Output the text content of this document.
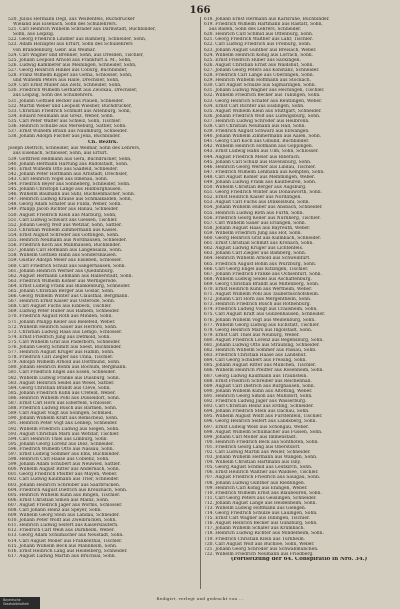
166
520. Julius Hermann Degl, aus Weißenfels, Buchdrucker
Wieland aus Eisenach, Sohn des Schullehrers.
521. Carl Heinrich Wilhelm Schrader aus Darmstadt, Buchbinder,
Sohn, aus Leipzig.
522. Georg Friedrich Lindner aus Bamberg, Schneider, Sohn,
523. Adam Holzapfel aus Erfurt, Sohn des Schullehrers
von Brandenburg, Gebr. aus Weimar.
524. Carl Wagner und Brenner, Sohn, aus Dresden, Tischler,
525. Johann Leopold Arnold aus Frankfurt a. M., Sohn,
526. Ludwig Kämmerer aus Meiningen, Schneider, Sohn,
527. Georg Heinrich Hinkel aus Coburg, Buchbinder,
528. Franz Wilhelm Kipper aus Gotha, Schlosser, Sohn,
und Wilhelm Peters aus Halle, Drechsler, Sohn,
529. Carl Ernst Müller aus Zeitz, Schneider, Sohn,
530. Friedrich Wilhelm Gerhardt aus Zwickau, Drechsler,
aus Leipzig, Sohn des Schullehrers.
531. Johann Gottlieb Becker aus Plauen, Schneider.
532. Martin Weber und Leopold Wiesner, Buchdrucker,
533. Christian Friedrich Schmidt aus Altenburg, Sohn,
534. Eduard Neumann aus Greiz, Weber, Sohn.
535. Carl Peter Walter aus Schleiz, Sohn, Tischler.
536. Heinrich Schulze aus Merseburg, Sattler, Sohn.
537. Ernst Wilhelm Braun aus Naumburg, Schneider.
538. Johann Adolph Fischer aus Jena, Buchbinder.
Ch. Bezirk.
Joseph Dietrich, Schneider, aus Weimar, Sohn des Lehrers,
aus Eisenach, Schlosser, Sohn, aus Erfurt.
539. Gottfried Hellmann aus Gera, Buchdrucker, Sohn,
540. Johann Hermann Hartung aus Rudolstadt, Sohn.
541. Ernst Wilhelm Otto aus Saalfeld, Schneider.
542. Johann Peter Hoffmann aus Arnstadt, Drechsler,
543. Carl Heinrich Vogel aus Ilmenau, Sohn.
544. Friedrich Beyer aus Sonneberg, Schneider, Sohn.
545. Johann Christoph Lange aus Hildburghausen.
546. Wilhelm Baumann aus Suhl, Büchsenmacher, Sohn.
547. Heinrich Ludwig Krause aus Schmalkalden, Sohn,
548. Georg Adam Schäfer aus Fulda, Weber, Sohn.
549. Philipp Jacob Richter aus Hanau, Schneider.
550. August Friedrich Klein aus Marburg, Sohn,
551. Carl Ludwig Schwarz aus Giessen, Tischler.
552. Johann Georg Wolf aus Wetzlar, Sohn, Sattler.
553. Christian Wilhelm Zimmermann aus Kassel.
554. Ernst August Schröder aus Göttingen, Sohn.
555. Heinrich Neumann aus Nordhausen, Schneider.
556. Friedrich Koch aus Mühlhausen, Buchbinder.
557. Johann Carl Hofmann aus Langensalza, Sohn.
558. Wilhelm Gottlieb Hahn aus Sondershausen.
559. Gustav Adolph Meier aus Eisleben, Schlosser.
560. Carl Friedrich Schulz aus Sangerhausen, Sohn.
561. Johann Heinrich Werner aus Quedlinburg.
562. August Hermann Lehmann aus Halberstadt, Sohn.
563. Friedrich Wilhelm Köhler aus Wernigerode.
564. Ernst Ludwig Frank aus Blankenburg, Schneider.
565. Johann Christian Berger aus Goslar, Sohn.
566. Georg Wilhelm Winter aus Clausthal, Bergmann.
567. Heinrich Ernst Kaiser aus Osterode, Sohn.
568. Carl August Fuchs aus Einbeck, Tischler.
569. Ludwig Peter Huber aus Hameln, Schneider.
570. Friedrich August Roth aus Minden, Sohn.
571. Johann Philipp Keller aus Bielefeld, Weber.
572. Wilhelm Heinrich Sauer aus Herford, Sohn.
573. Christian Ludwig Haas aus Lemgo, Schlosser.
574. Ernst Friedrich Jung aus Detmold, Sohn.
575. Carl Wilhelm Graf aus Paderborn, Schneider.
576. Johann Georg Schmitt aus Soest, Buchbinder.
577. Heinrich August Krüger aus Hamm, Sohn.
578. Friedrich Carl Ziegler aus Unna, Tischler.
579. Adolph Wilhelm Arnold aus Dortmund, Sohn.
580. Johann Heinrich Böhm aus Bochum, Bergmann.
581. Carl Friedrich Engel aus Essen, Schneider.
582. Wilhelm Ludwig Franke aus Duisburg, Sohn.
583. August Heinrich Seidel aus Wesel, Sattler.
584. Georg Christian Brandt aus Cleve, Sohn.
585. Johann Friedrich Kühn aus Crefeld, Weber.
586. Heinrich Wilhelm Pohl aus Düsseldorf, Sohn.
587. Ernst Carl Horn aus Elberfeld, Schlosser.
588. Friedrich Ludwig Busch aus Barmen, Sohn.
589. Carl August Voigt aus Solingen, Schmied.
590. Johann Wilhelm Kraft aus Remscheid, Sohn.
591. Heinrich Peter Vogt aus Lennep, Schneider.
592. Wilhelm Friedrich Ludwig aus Siegen, Sohn.
593. August Christian Marx aus Wetzlar, Tischler.
594. Carl Heinrich Thiel aus Limburg, Sohn.
595. Johann Georg Lorenz aus Diez, Schneider.
596. Friedrich Wilhelm Otto aus Nassau, Sohn.
597. Ernst Ludwig Sommer aus Ems, Buchbinder.
598. Heinrich Carl Haase aus Coblenz, Sohn.
599. Johann Adam Schubert aus Neuwied, Sattler.
600. Wilhelm August Ritter aus Andernach, Sohn.
601. Georg Friedrich Pfeiffer aus Mayen, Weber.
602. Carl Ludwig Kaufmann aus Trier, Schneider.
603. Johann Heinrich Schreiber aus Saarbrücken.
604. Friedrich August Dietrich aus Kreuznach, Sohn.
605. Heinrich Wilhelm Kuhn aus Bingen, Tischler.
606. Ernst Christian Simon aus Mainz, Sohn.
607. August Friedrich Jäger aus Worms, Schlosser.
608. Carl Johann Heinz aus Speyer, Sohn.
609. Wilhelm Georg Stein aus Landau, Schneider.
610. Johann Peter Wolff aus Zweibrücken, Sohn.
611. Heinrich Ludwig Seifert aus Kaiserslautern.
612. Friedrich Carl Weiß aus Dürkheim, Weber.
613. Georg Adam Schumacher aus Neustadt, Sohn.
614. Carl August Möller aus Frankenthal, Tischler.
615. Johann Wilhelm Beck aus Mannheim, Sohn.
616. Ernst Heinrich Lang aus Heidelberg, Schneider.
617. August Ludwig Martin aus Bruchsal, Sohn.
618. Johann Ernst Hermann aus Karlsruhe, Buchbinder.
619. Friedrich Wilhelm Hartmann aus Rastatt, Sohn,
aus Baden, Sohn des Lehrers, Schneider.
620. Heinrich Carl Schmid aus Offenburg, Sohn.
621. Georg Friedrich Walther aus Lahr, Tischler.
622. Carl Ludwig Friedrich aus Freiburg, Sohn.
623. Johann August Günther aus Breisach, Weber.
624. Wilhelm Heinrich König aus Lörrach, Sohn.
625. Ernst Friedrich Huber aus Säckingen.
626. August Christian Ernst aus Waldshut, Sohn.
627. Johann Georg Peters aus Konstanz, Schneider.
628. Friedrich Carl Lange aus Überlingen, Sohn.
629. Heinrich Wilhelm Hoffmann aus Stockach.
630. Carl August Schulze aus Sigmaringen, Sohn.
631. Johann Ludwig Wagner aus Hechingen, Tischler.
632. Wilhelm Friedrich Becker aus Tübingen, Sohn.
633. Georg Heinrich Schäfer aus Reutlingen, Weber.
634. Ernst Carl Richter aus Esslingen, Sohn.
635. August Wilhelm Klein aus Stuttgart, Schneider.
636. Johann Friedrich Wolf aus Ludwigsburg, Sohn.
637. Heinrich Ludwig Schröder aus Heilbronn.
638. Carl Christian Neumann aus Hall, Sohn.
639. Friedrich August Schwarz aus Ellwangen.
640. Johann Wilhelm Zimmermann aus Aalen, Sohn.
641. Georg Carl Koch aus Gmünd, Buchbinder.
642. Wilhelm Heinrich Hofmann aus Göppingen.
643. Ernst Ludwig Hahn aus Ulm, Sohn, Schlosser.
644. August Friedrich Meier aus Biberach.
645. Johann Carl Schulz aus Ravensburg, Sohn.
646. Heinrich Georg Werner aus Lindau, Tischler.
647. Friedrich Wilhelm Lehmann aus Kempten, Sohn.
648. Carl August Köhler aus Memmingen, Weber.
649. Johann Ludwig Frank aus Kaufbeuren, Sohn.
650. Wilhelm Christian Berger aus Augsburg.
651. Georg Friedrich Winter aus Donauwörth, Sohn.
652. Ernst Heinrich Kaiser aus Nördlingen.
653. August Carl Fuchs aus Dinkelsbühl, Sohn.
654. Johann Wilhelm Huber aus Ansbach, Schneider.
655. Heinrich Ludwig Roth aus Fürth, Sohn.
656. Friedrich Georg Keller aus Nürnberg, Tischler.
657. Carl Wilhelm Sauer aus Erlangen, Sohn.
658. Johann August Haas aus Bayreuth, Weber.
659. Wilhelm Friedrich Jung aus Hof, Sohn.
660. Georg Heinrich Graf aus Kulmbach, Schneider.
661. Ernst Christian Schmitt aus Kronach, Sohn.
662. August Ludwig Krüger aus Lichtenfels.
663. Johann Carl Ziegler aus Bamberg, Sohn.
664. Heinrich Wilhelm Arnold aus Schweinfurt.
665. Friedrich August Böhm aus Würzburg, Sohn.
666. Carl Georg Engel aus Kitzingen, Tischler.
667. Johann Friedrich Franke aus Ochsenfurt, Sohn.
668. Wilhelm Ludwig Seidel aus Aschaffenburg.
669. Georg Christian Brandt aus Miltenberg, Sohn.
670. Ernst Heinrich Kühn aus Wertheim, Weber.
671. August Wilhelm Pohl aus Tauberbischofsheim.
672. Johann Carl Horn aus Mergentheim, Sohn.
673. Heinrich Friedrich Busch aus Rothenburg.
674. Friedrich Ludwig Voigt aus Crailsheim, Sohn.
675. Carl August Kraft aus Gunzenhausen, Schneider.
676. Johann Wilhelm Vogt aus Weißenburg, Sohn.
677. Wilhelm Georg Ludwig aus Eichstätt, Tischler.
678. Georg Heinrich Marx aus Ingolstadt, Sohn.
679. Ernst Carl Thiel aus Neuburg, Weber.
680. August Friedrich Lorenz aus Regensburg, Sohn.
681. Johann Ludwig Otto aus Straubing, Schneider.
682. Heinrich Wilhelm Sommer aus Passau, Sohn.
683. Friedrich Christian Haase aus Landshut.
684. Carl Georg Schubert aus Freising, Sohn.
685. Johann August Ritter aus München, Tischler.
686. Wilhelm Heinrich Pfeiffer aus Rosenheim, Sohn.
687. Georg Ludwig Kaufmann aus Traunstein.
688. Ernst Friedrich Schreiber aus Reichenhall.
689. August Carl Dietrich aus Burghausen, Sohn.
690. Johann Wilhelm Kuhn aus Altötting, Weber.
691. Heinrich Georg Simon aus Mühldorf, Sohn.
692. Friedrich Ludwig Jäger aus Wasserburg.
693. Carl Christian Heinz aus Erding, Schneider.
694. Johann Friedrich Stein aus Dachau, Sohn.
695. Wilhelm August Wolff aus Fürstenfeld, Tischler.
696. Georg Heinrich Seifert aus Landsberg, Sohn.
697. Ernst Ludwig Weiß aus Schongau, Weber.
698. August Wilhelm Schumacher aus Füssen, Sohn.
699. Johann Carl Möller aus Immenstadt.
700. Heinrich Friedrich Beck aus Sonthofen, Sohn.
701. Friedrich Georg Lang aus Oberstdorf.
702. Carl Ludwig Martin aus Weiler, Schneider.
703. Johann Wilhelm Hermann aus Wangen, Sohn.
704. Wilhelm Christian Hartmann aus Isny.
705. Georg August Schmid aus Leutkirch, Sohn.
706. Ernst Heinrich Walther aus Waldsee, Tischler.
707. August Friedrich Friedrich aus Saulgau, Sohn.
708. Johann Ludwig Günther aus Riedlingen.
709. Heinrich Carl König aus Ehingen, Weber.
710. Friedrich Wilhelm Ernst aus Blaubeuren, Sohn.
711. Carl Georg Peters aus Geislingen, Schneider.
712. Johann August Lange aus Heidenheim, Sohn.
713. Wilhelm Ludwig Hoffmann aus Giengen.
714. Georg Friedrich Schulze aus Lauingen, Sohn.
715. Ernst Carl Wagner aus Dillingen, Tischler.
716. August Heinrich Becker aus Günzburg, Sohn.
717. Johann Wilhelm Schäfer aus Krumbach.
718. Heinrich Ludwig Richter aus Mindelheim, Sohn.
719. Friedrich Christian Klein aus Türkheim.
720. Carl August Wolf aus Buchloe, Sohn, Weber.
721. Johann Georg Schröder aus Schwabmünchen.
722. Wilhelm Friedrich Neumann aus Friedberg.
(Fortsetzung der 64. Conspiratio in Nro. 34.)
Redigirt, verlegt und gedruckt von ...
Bayerische
Staatsbibliothek
